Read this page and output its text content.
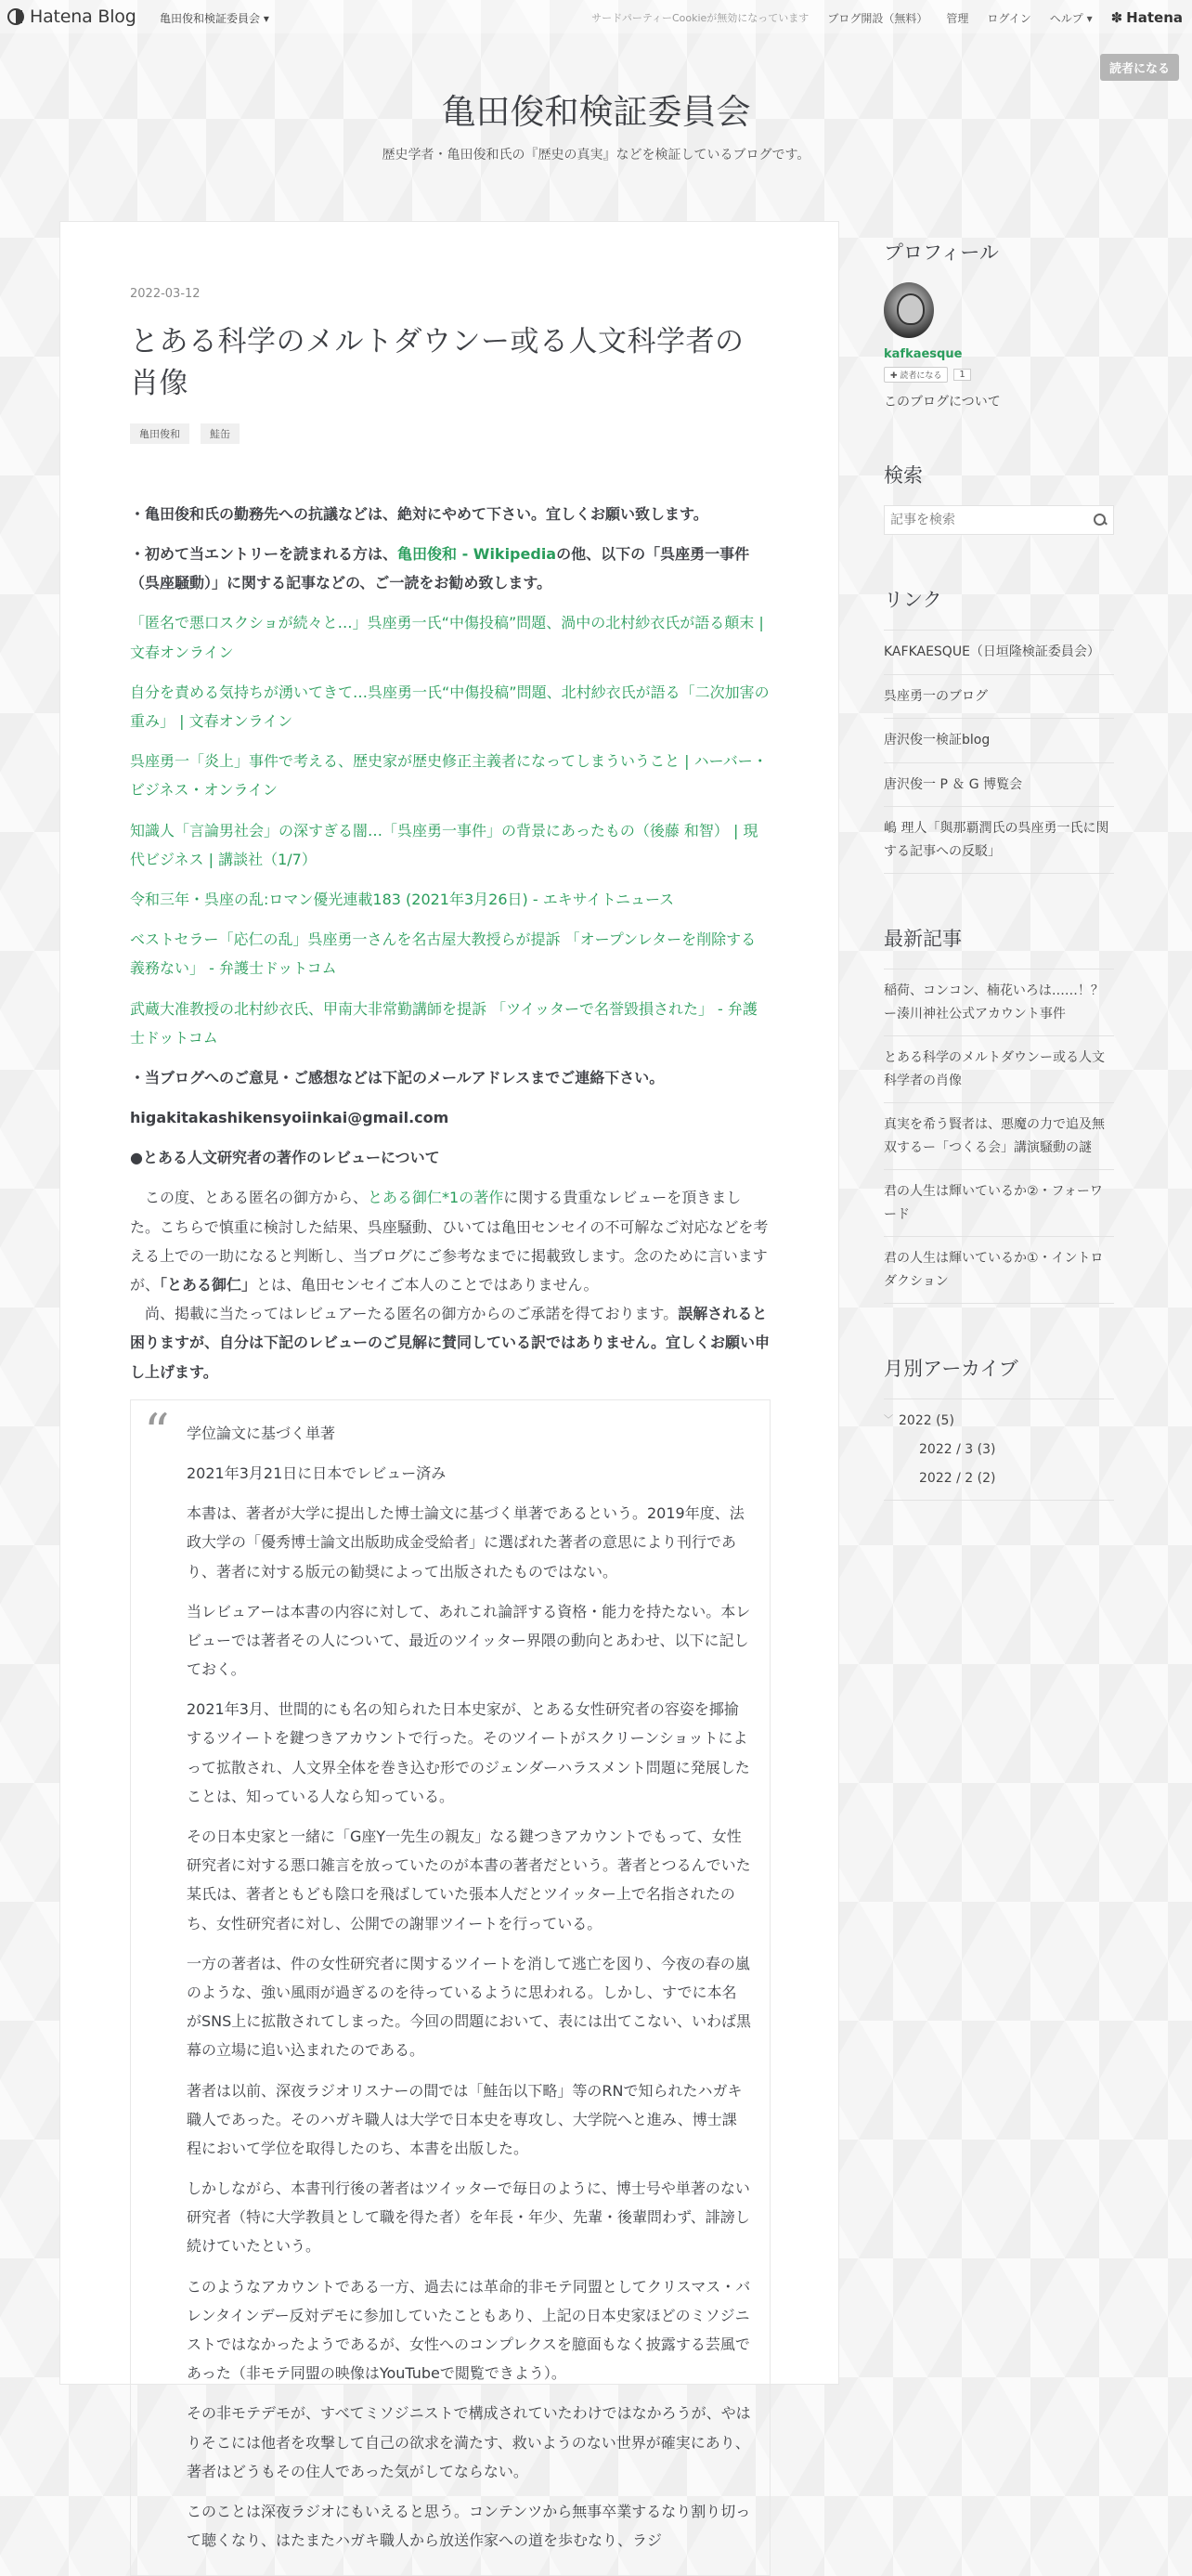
Hatena Blog 亀田俊和検証委員会 ▾	サードパーティーCookieが無効になっています ブログ開設（無料） 管理 ログイン ヘルプ ▾ ✽ Hatena
読者になる
亀田俊和検証委員会
歴史学者・亀田俊和氏の『歴史の真実』などを検証しているブログです。
2022-03-12
とある科学のメルトダウンー或る人文科学者の肖像
亀田俊和	鮭缶

・亀田俊和氏の勤務先への抗議などは、絶対にやめて下さい。宜しくお願い致します。

・初めて当エントリーを読まれる方は、亀田俊和 - Wikipediaの他、以下の「呉座勇一事件（呉座騒動）」に関する記事などの、ご一読をお勧め致します。

「匿名で悪口スクショが続々と…」呉座勇一氏“中傷投稿”問題、渦中の北村紗衣氏が語る顛末 | 文春オンライン

自分を責める気持ちが湧いてきて…呉座勇一氏“中傷投稿”問題、北村紗衣氏が語る「二次加害の重み」 | 文春オンライン

呉座勇一「炎上」事件で考える、歴史家が歴史修正主義者になってしまういうこと | ハーバー・ビジネス・オンライン

知識人「言論男社会」の深すぎる闇…「呉座勇一事件」の背景にあったもの（後藤 和智） | 現代ビジネス | 講談社（1/7）

令和三年・呉座の乱:ロマン優光連載183 (2021年3月26日) - エキサイトニュース

ベストセラー「応仁の乱」呉座勇一さんを名古屋大教授らが提訴 「オープンレターを削除する義務ない」 - 弁護士ドットコム

武蔵大准教授の北村紗衣氏、甲南大非常勤講師を提訴 「ツイッターで名誉毀損された」 - 弁護士ドットコム

・当ブログへのご意見・ご感想などは下記のメールアドレスまでご連絡下さい。

higakitakashikensyoiinkai@gmail.com

●とある人文研究者の著作のレビューについて

この度、とある匿名の御方から、とある御仁*1の著作に関する貴重なレビューを頂きました。こちらで慎重に検討した結果、呉座騒動、ひいては亀田センセイの不可解なご対応などを考える上での一助になると判断し、当ブログにご参考なまでに掲載致します。念のために言いますが、「とある御仁」とは、亀田センセイご本人のことではありません。

尚、掲載に当たってはレビュアーたる匿名の御方からのご承諾を得ております。誤解されると困りますが、自分は下記のレビューのご見解に賛同している訳ではありません。宜しくお願い申し上げます。

“ 学位論文に基づく単著

2021年3月21日に日本でレビュー済み

本書は、著者が大学に提出した博士論文に基づく単著であるという。2019年度、法政大学の「優秀博士論文出版助成金受給者」に選ばれた著者の意思により刊行であり、著者に対する版元の勧奨によって出版されたものではない。

当レビュアーは本書の内容に対して、あれこれ論評する資格・能力を持たない。本レビューでは著者その人について、最近のツイッター界隈の動向とあわせ、以下に記しておく。

2021年3月、世間的にも名の知られた日本史家が、とある女性研究者の容姿を揶揄するツイートを鍵つきアカウントで行った。そのツイートがスクリーンショットによって拡散され、人文界全体を巻き込む形でのジェンダーハラスメント問題に発展したことは、知っている人なら知っている。

その日本史家と一緒に「G座Y一先生の親友」なる鍵つきアカウントでもって、女性研究者に対する悪口雑言を放っていたのが本書の著者だという。著者とつるんでいた某氏は、著者ともども陰口を飛ばしていた張本人だとツイッター上で名指されたのち、女性研究者に対し、公開での謝罪ツイートを行っている。

一方の著者は、件の女性研究者に関するツイートを消して逃亡を図り、今夜の春の嵐のような、強い風雨が過ぎるのを待っているように思われる。しかし、すでに本名がSNS上に拡散されてしまった。今回の問題において、表には出てこない、いわば黒幕の立場に追い込まれたのである。

著者は以前、深夜ラジオリスナーの間では「鮭缶以下略」等のRNで知られたハガキ職人であった。そのハガキ職人は大学で日本史を専攻し、大学院へと進み、博士課程において学位を取得したのち、本書を出版した。

しかしながら、本書刊行後の著者はツイッターで毎日のように、博士号や単著のない研究者（特に大学教員として職を得た者）を年長・年少、先輩・後輩問わず、誹謗し続けていたという。

このようなアカウントである一方、過去には革命的非モテ同盟としてクリスマス・バレンタインデー反対デモに参加していたこともあり、上記の日本史家ほどのミソジニストではなかったようであるが、女性へのコンプレクスを臆面もなく披露する芸風であった（非モテ同盟の映像はYouTubeで閲覧できよう）。

その非モテデモが、すべてミソジニストで構成されていたわけではなかろうが、やはりそこには他者を攻撃して自己の欲求を満たす、救いようのない世界が確実にあり、著者はどうもその住人であった気がしてならない。

このことは深夜ラジオにもいえると思う。コンテンツから無事卒業するなり割り切って聴くなり、はたまたハガキ職人から放送作家への道を歩むなり、ラジ

プロフィール
kafkaesque
✚ 読者になる	1
このブログについて
検索
記事を検索
リンク
KAFKAESQUE（日垣隆検証委員会）
呉座勇一のブログ
唐沢俊一検証blog
唐沢俊一 P ＆ G 博覧会
嶋 理人「與那覇潤氏の呉座勇一氏に関する記事への反駁」
最新記事
稲荷、コンコン、楠花いろは……！？ー湊川神社公式アカウント事件
とある科学のメルトダウンー或る人文科学者の肖像
真実を希う賢者は、悪魔の力で追及無双するー「つくる会」講演騒動の謎
君の人生は輝いているか②・フォーワード
君の人生は輝いているか①・イントロダクション
月別アーカイブ
﹀ 2022 (5)
2022 / 3 (3)
2022 / 2 (2)
